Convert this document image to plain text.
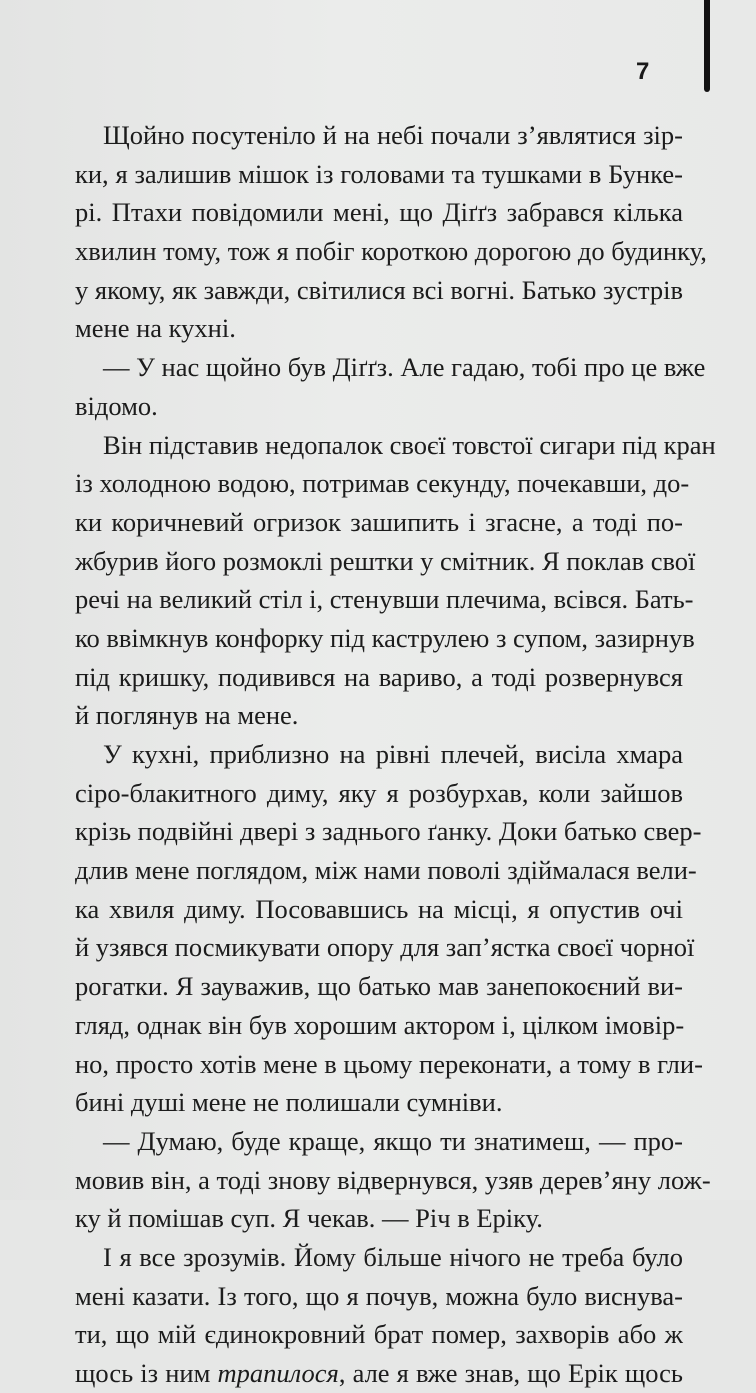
7
Щойно посутеніло й на небі почали з’являтися зір-
ки, я залишив мішок із головами та тушками в Бунке-
рі. Птахи повідомили мені, що Діґґз забрався кілька
хвилин тому, тож я побіг короткою дорогою до будинку,
у якому, як завжди, світилися всі вогні. Батько зустрів
мене на кухні.
— У нас щойно був Діґґз. Але гадаю, тобі про це вже
відомо.
Він підставив недопалок своєї товстої сигари під кран
із холодною водою, потримав секунду, почекавши, до-
ки коричневий огризок зашипить і згасне, а тоді по-
жбурив його розмоклі рештки у смітник. Я поклав свої
речі на великий стіл і, стенувши плечима, всівся. Бать-
ко ввімкнув конфорку під каструлею з супом, зазирнув
під кришку, подивився на вариво, а тоді розвернувся
й поглянув на мене.
У кухні, приблизно на рівні плечей, висіла хмара
сіро-блакитного диму, яку я розбурхав, коли зайшов
крізь подвійні двері з заднього ґанку. Доки батько свер-
длив мене поглядом, між нами поволі здіймалася вели-
ка хвиля диму. Посовавшись на місці, я опустив очі
й узявся посмикувати опору для зап’ястка своєї чорної
рогатки. Я зауважив, що батько мав занепокоєний ви-
гляд, однак він був хорошим актором і, цілком імовір-
но, просто хотів мене в цьому переконати, а тому в гли-
бині душі мене не полишали сумніви.
— Думаю, буде краще, якщо ти знатимеш, — про-
мовив він, а тоді знову відвернувся, узяв дерев’яну лож-
ку й помішав суп. Я чекав. — Річ в Еріку.
І я все зрозумів. Йому більше нічого не треба було
мені казати. Із того, що я почув, можна було виснува-
ти, що мій єдинокровний брат помер, захворів або ж
щось із ним трапилося, але я вже знав, що Ерік щось
